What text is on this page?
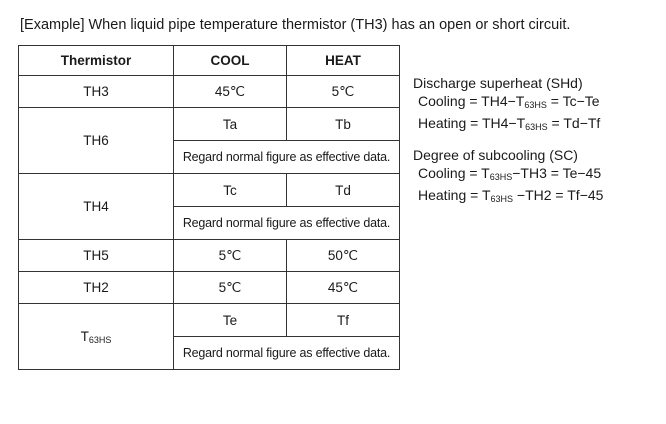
[Example] When liquid pipe temperature thermistor (TH3) has an open or short circuit.
Thermistor	COOL	HEAT
TH3	45℃	5℃
TH6	Ta	Tb
	Regard normal figure as effective data.	
TH4	Tc	Td
	Regard normal figure as effective data.	
TH5	5℃	50℃
TH2	5℃	45℃
$T_{63HS}$	Te	Tf
	Regard normal figure as effective data.	
Discharge superheat (SHd)
Cooling = $TH4-T_{63HS} = Tc-Te$
Heating = $TH4-T_{63HS} = Td-Tf$
Degree of subcooling (SC)
Cooling = $T_{63HS}-TH3 = Te-45$
Heating = $T_{63HS} -TH2 = Tf-45$
